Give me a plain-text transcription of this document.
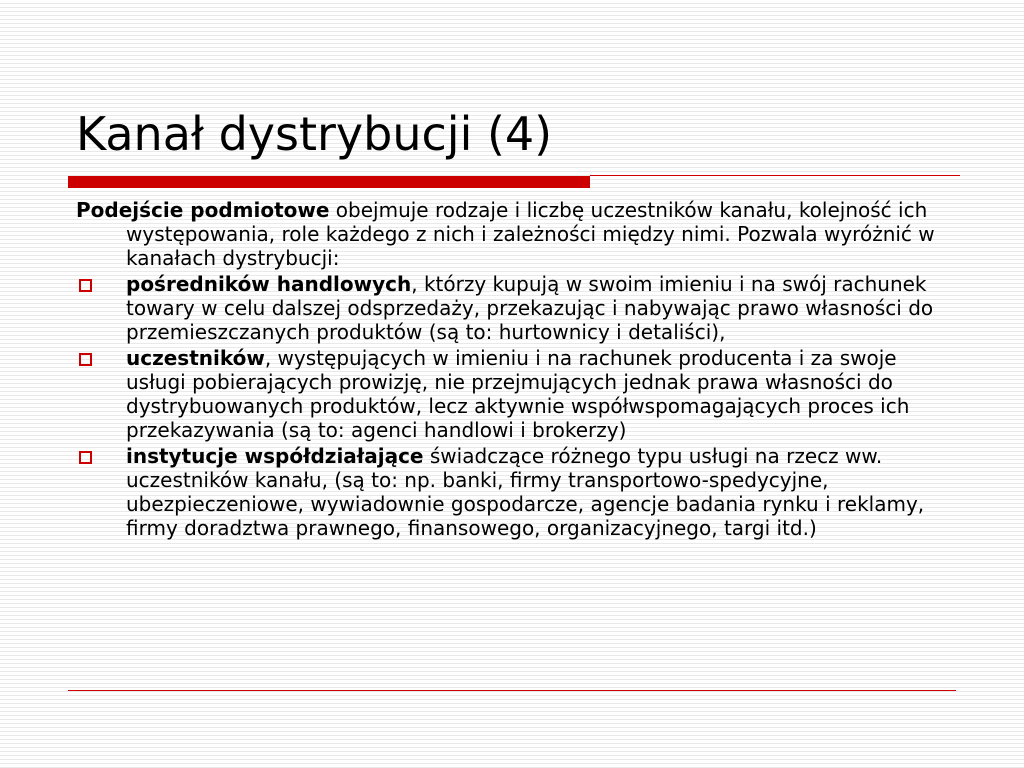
Kanał dystrybucji (4)

Podejście podmiotowe obejmuje rodzaje i liczbę uczestników kanału, kolejność ich występowania, role każdego z nich i zależności między nimi. Pozwala wyróżnić w kanałach dystrybucji:

pośredników handlowych, którzy kupują w swoim imieniu i na swój rachunek towary w celu dalszej odsprzedaży, przekazując i nabywając prawo własności do przemieszczanych produktów (są to: hurtownicy i detaliści),
uczestników, występujących w imieniu i na rachunek producenta i za swoje usługi pobierających prowizję, nie przejmujących jednak prawa własności do dystrybuowanych produktów, lecz aktywnie współwspomagających proces ich przekazywania (są to: agenci handlowi i brokerzy)
instytucje współdziałające świadczące różnego typu usługi na rzecz ww. uczestników kanału, (są to: np. banki, firmy transportowo-spedycyjne, ubezpieczeniowe, wywiadownie gospodarcze, agencje badania rynku i reklamy, firmy doradztwa prawnego, finansowego, organizacyjnego, targi itd.)
